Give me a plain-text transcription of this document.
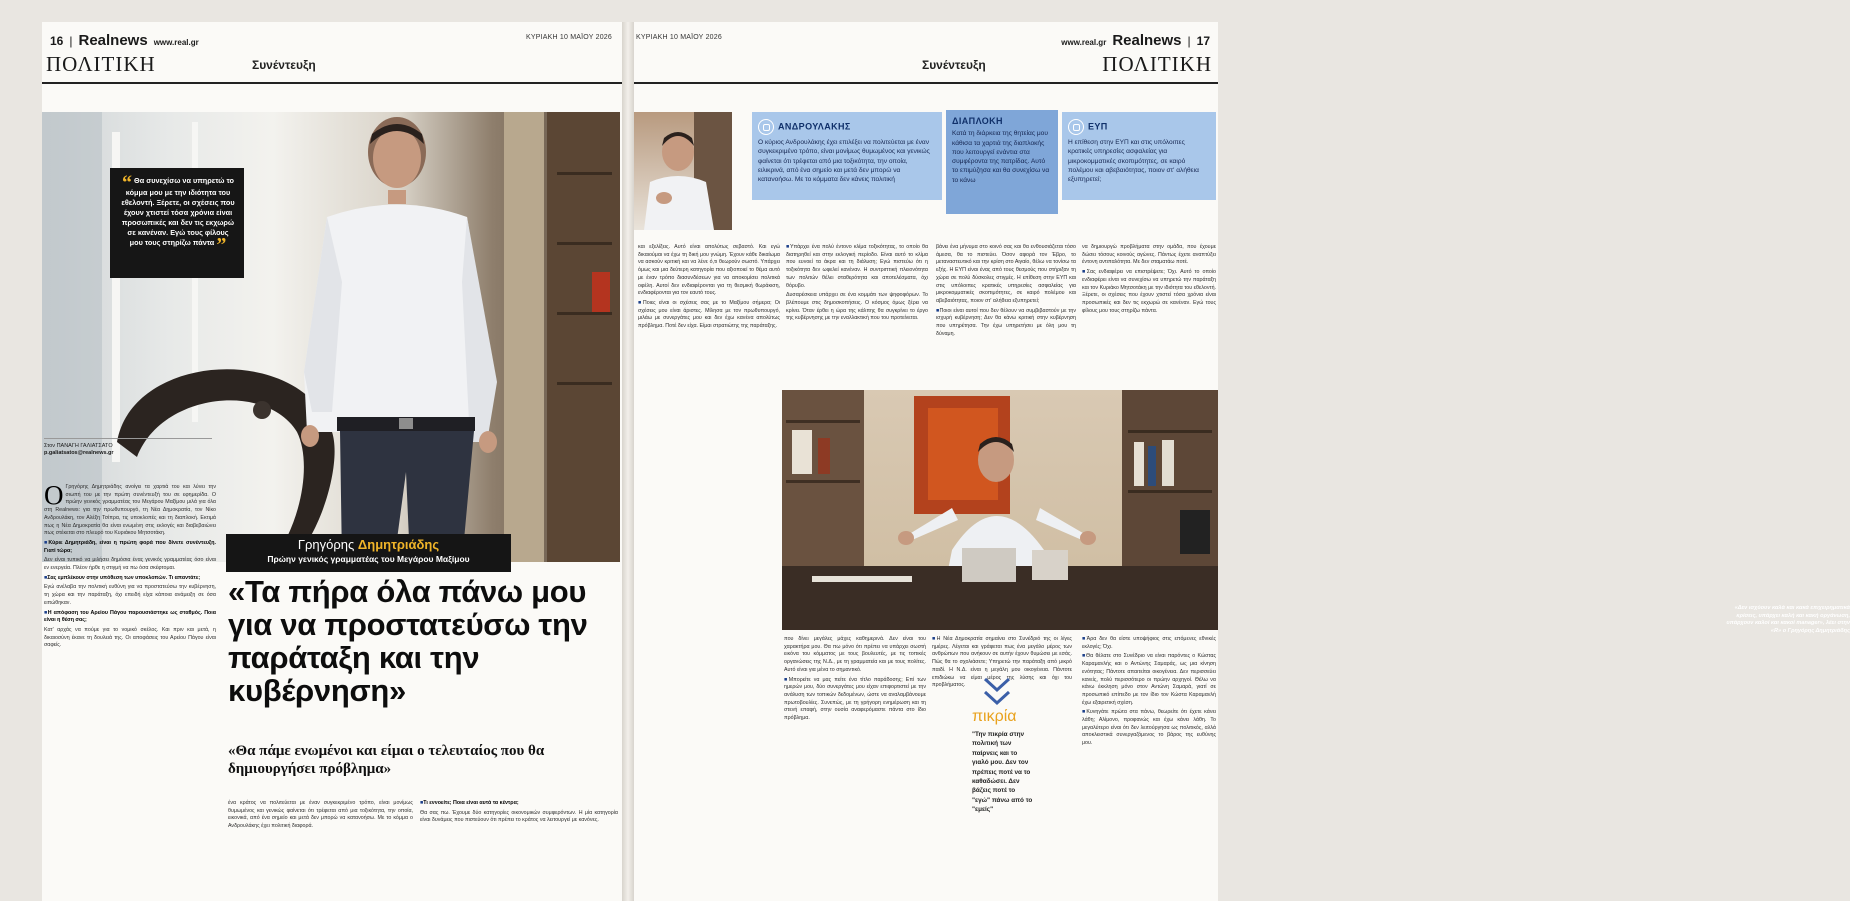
16 | Realnews www.real.gr
ΚΥΡΙΑΚΗ 10 ΜΑΪΟΥ 2026
ΠΟΛΙΤΙΚΗ	Συνέντευξη
“ Θα συνεχίσω να υπηρετώ το κόμμα μου με την ιδιότητα του εθελοντή. Ξέρετε, οι σχέσεις που έχουν χτιστεί τόσα χρόνια είναι προσωπικές και δεν τις εκχωρώ σε κανέναν. Εγώ τους φίλους μου τους στηρίζω πάντα ”
Στον ΠΑΝΑΓΗ ΓΑΛΙΑΤΣΑΤΟ
p.galiatsatos@realnews.gr

Ο Γρηγόρης Δημητριάδης ανοίγει τα χαρτιά του και λύνει την σιωπή του με την πρώτη συνέντευξή του σε εφημερίδα. Ο πρώην γενικός γραμματέας του Μεγάρου Μαξίμου μιλά για όλα στη Realnews: για την πρωθυπουργό, τη Νέα Δημοκρατία, τον Νίκο Ανδρουλάκη, τον Αλέξη Τσίπρα, τις υποκλοπές και τη διαπλοκή. Εκτιμά πως η Νέα Δημοκρατία θα είναι ενωμένη στις εκλογές και διαβεβαιώνει πως στέκεται στο πλευρό του Κυριάκου Μητσοτάκη.

■ Κύριε Δημητριάδη, είναι η πρώτη φορά που δίνετε συνέντευξη. Γιατί τώρα;

Δεν είναι τυπικό να μιλήσει δημόσια ένας γενικός γραμματέας όσο είναι εν ενεργεία. Πλέον ήρθε η στιγμή να πω όσα σκέφτομαι.

■ Σας εμπλέκουν στην υπόθεση των υποκλοπών. Τι απαντάτε;

Εγώ ανέλαβα την πολιτική ευθύνη για να προστατεύσω την κυβέρνηση, τη χώρα και την παράταξη, όχι επειδή είχα κάποια ανάμειξη σε όσα ειπώθηκαν.

■ Η απόφαση του Αρείου Πάγου παρουσιάστηκε ως σταθμός. Ποια είναι η θέση σας;

Κατ' αρχάς να πούμε για το νομικό σκέλος. Και πριν και μετά, η δικαιοσύνη έκανε τη δουλειά της. Οι αποφάσεις του Αρείου Πάγου είναι σαφείς.

Γρηγόρης Δημητριάδης
Πρώην γενικός γραμματέας του Μεγάρου Μαξίμου
«Τα πήρα όλα πάνω μου για να προστατεύσω την παράταξη και την κυβέρνηση»
«Θα πάμε ενωμένοι και είμαι ο τελευταίος που θα δημιουργήσει πρόβλημα»

ένα κράτος να πολιτεύεται με έναν συγκεκριμένο τρόπο, είναι μονίμως θυμωμένος και γενικώς φαίνεται ότι τρέφεται από μια τοξικότητα, την οποία, εικονικά, από ένα σημείο και μετά δεν μπορώ να κατανοήσω. Με το κόμμα ο Ανδρουλάκης έχει πολιτική διαφορά.

■ Τι εννοείτε; Ποια είναι αυτά τα κέντρα;

Θα σας πω. Έχουμε δύο κατηγορίες οικονομικών συμφερόντων. Η μία κατηγορία είναι δυνάμεις που πιστεύουν ότι πρέπει το κράτος να λειτουργεί με κανόνες.

ΚΥΡΙΑΚΗ 10 ΜΑΪΟΥ 2026
www.real.gr Realnews | 17
Συνέντευξη	ΠΟΛΙΤΙΚΗ
ΑΝΔΡΟΥΛΑΚΗΣ
Ο κύριος Ανδρουλάκης έχει επιλέξει να πολιτεύεται με έναν συγκεκριμένο τρόπο, είναι μονίμως θυμωμένος και γενικώς φαίνεται ότι τρέφεται από μια τοξικότητα, την οποία, ειλικρινά, από ένα σημείο και μετά δεν μπορώ να κατανοήσω. Με το κόμματα δεν κάνεις πολιτική
ΔΙΑΠΛΟΚΗ
Κατά τη διάρκεια της θητείας μου κάθισα τα χαρτιά της διαπλοκής που λειτουργεί ενάντια στα συμφέροντα της πατρίδας. Αυτό το επιμύζησα και θα συνεχίσω να το κάνω
ΕΥΠ
Η επίθεση στην ΕΥΠ και στις υπόλοιπες κρατικές υπηρεσίες ασφαλείας για μικροκομματικές σκοπιμότητες, σε καιρό πολέμου και αβεβαιότητας, ποιον στ' αλήθεια εξυπηρετεί;

και εξελίξεις. Αυτό είναι απολύτως σεβαστό. Και εγώ δικαιούμαι να έχω τη δική μου γνώμη. Έχουν κάθε δικαίωμα να ασκούν κριτική και να λένε ό,τι θεωρούν σωστό. Υπάρχει όμως και μια δεύτερη κατηγορία που αξιοποιεί το θέμα αυτό με έναν τρόπο διασυνδέσεων για να αποκομίσει πολιτικά οφέλη. Αυτοί δεν ενδιαφέρονται για τη θεσμική θωράκιση, ενδιαφέρονται για τον εαυτό τους.

■ Ποιες είναι οι σχέσεις σας με το Μαξίμου σήμερα; Οι σχέσεις μου είναι άριστες. Μίλησα με τον πρωθυπουργό, μιλάω με συνεργάτες μου και δεν έχω κανένα απολύτως πρόβλημα. Ποτέ δεν είχα. Είμαι στρατιώτης της παράταξης.

■ Υπάρχει ένα πολύ έντονο κλίμα τοξικότητας, το οποίο θα διατηρηθεί και στην εκλογική περίοδο. Είναι αυτό το κλίμα που ευνοεί τα άκρα και τη διάλυση; Εγώ πιστεύω ότι η τοξικότητα δεν ωφελεί κανέναν. Η συντριπτική πλειονότητα των πολιτών θέλει σταθερότητα και αποτελέσματα, όχι θόρυβο.

Δυσαρέσκεια υπάρχει σε ένα κομμάτι των ψηφοφόρων. Το βλέπουμε στις δημοσκοπήσεις. Ο κόσμος όμως ξέρει να κρίνει. Όταν έρθει η ώρα της κάλπης θα συγκρίνει το έργο της κυβέρνησης με την εναλλακτική που του προτείνεται.

βάνει ένα μήνυμα στο κοινό σας και θα ενθουσιάζεται τόσο άμεσα, θα το πιστεύει. Όσον αφορά τον Έβρο, το μεταναστευτικό και την κρίση στο Αιγαίο, θέλω να τονίσω τα εξής. Η ΕΥΠ είναι ένας από τους θεσμούς που στήριξαν τη χώρα σε πολύ δύσκολες στιγμές. Η επίθεση στην ΕΥΠ και στις υπόλοιπες κρατικές υπηρεσίες ασφαλείας για μικροκομματικές σκοπιμότητες, σε καιρό πολέμου και αβεβαιότητας, ποιον στ' αλήθεια εξυπηρετεί;

■ Ποιοι είναι αυτοί που δεν θέλουν να συμβιβαστούν με την ισχυρή κυβέρνηση; Δεν θα κάνω κριτική στην κυβέρνηση που υπηρέτησα. Την έχω υπηρετήσει με όλη μου τη δύναμη.

να δημιουργώ προβλήματα στην ομάδα, που έχουμε δώσει τόσους κοινούς αγώνες. Πάντως έχετε αναπτύξει έντονη αντιπαλότητα. Με δεν σταματάω ποτέ.

■ Σας ενδιαφέρει να επιστρέψετε; Όχι. Αυτό το οποίο ενδιαφέρει είναι να συνεχίσω να υπηρετώ την παράταξη και τον Κυριάκο Μητσοτάκη με την ιδιότητα του εθελοντή. Ξέρετε, οι σχέσεις που έχουν χτιστεί τόσα χρόνια είναι προσωπικές και δεν τις εκχωρώ σε κανέναν. Εγώ τους φίλους μου τους στηρίζω πάντα.

«Δεν ισχύουν καλά και κακά επιχειρηματικά κρίσεις, υπάρχει καλή και κακή οργάνωση, υπάρχουν καλοί και κακοί manager», λέει στην «R» ο Γρηγόρης Δημητριάδης

που δίνει μεγάλες μάχες καθημερινά. Δεν είναι του χαρακτήρα μου. Θα πω μόνο ότι πρέπει να υπάρχει σωστή εικόνα του κόμματος με τους βουλευτές, με τις τοπικές οργανώσεις της Ν.Δ., με τη γραμματεία και με τους πολίτες. Αυτό είναι για μένα το σημαντικό.

■ Μπορείτε να μας πείτε ένα τίτλο παράδοσης; Επί των ημερών μου, δύο συνεργάτες μου είχαν επιφορτιστεί με την ανάλυση των τοπικών δεδομένων, ώστε να αναλαμβάνουμε πρωτοβουλίες. Συνεπώς, με τη γρήγορη ενημέρωση και τη στενή επαφή, στην ουσία αναφερόμαστε πάντα στο ίδιο πρόβλημα.

■ Η Νέα Δημοκρατία σημαίνει στο Συνέδριό της οι λίγες ημέρες. Λέγεται και γράφεται πως ένα μεγάλο μέρος των ανθρώπων που ανήκουν σε αυτήν έχουν θυμώσει με εσάς. Πώς θα το σχολιάσετε; Υπηρετώ την παράταξη από μικρό παιδί. Η Ν.Δ. είναι η μεγάλη μου οικογένεια. Πάντοτε επιδιώκω να είμαι μέρος της λύσης και όχι του προβλήματος.

■ Άρα δεν θα είστε υποψήφιος στις επόμενες εθνικές εκλογές; Όχι.

■ Θα θέλατε στο Συνέδριο να είναι παρόντες ο Κώστας Καραμανλής και ο Αντώνης Σαμαράς, ως μια κίνηση ενότητας; Πάντοτε απαιτείται οικογένεια. Δεν περισσεύει κανείς, πολύ περισσότερο οι πρώην αρχηγοί. Θέλω να κάνω έκκληση μόνο στον Αντώνη Σαμαρά, γιατί σε προσωπικό επίπεδο με τον ίδιο τον Κώστα Καραμανλή έχω εξαιρετική σχέση.

■ Κυνηγάτε πρώτα στα πάνω, θεωρείτε ότι έχετε κάνει λάθη; Αλίμονο, προφανώς και έχω κάνει λάθη. Το μεγαλύτερο είναι ότι δεν λειτούργησα ως πολιτικός, αλλά αποκλειστικά συνεργαζόμενος το βάρος της ευθύνης μου.

πικρία
"Την πικρία στην πολιτική των παίρνεις και το γιαλό μου. Δεν τον πρέπεις ποτέ να το καθαδώσει. Δεν βάζεις ποτέ το "εγώ" πάνω από το "εμείς"
